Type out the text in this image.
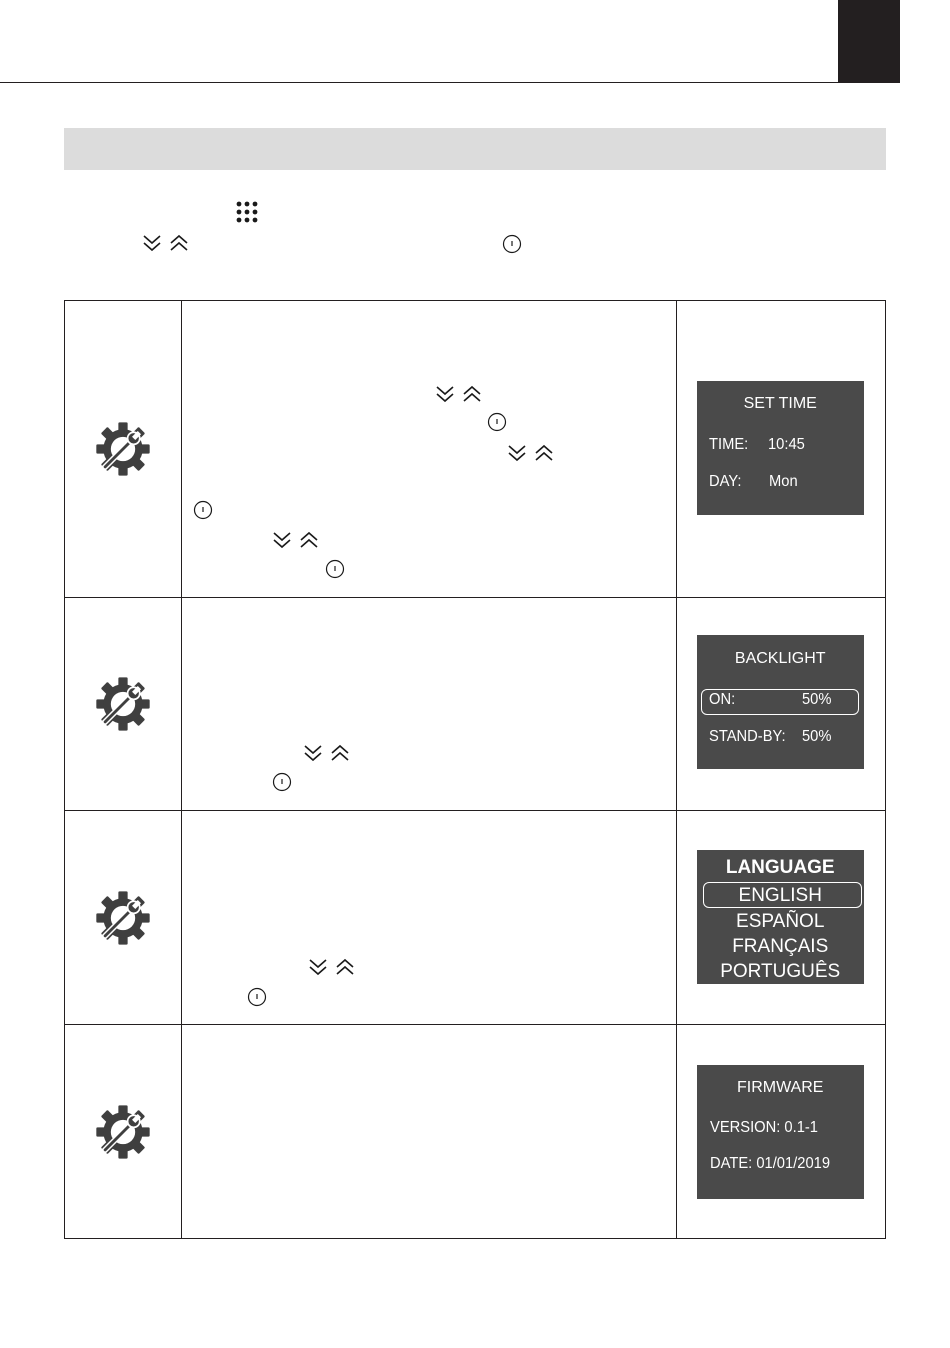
SET TIME
TIME: 10:45
DAY: Mon

BACKLIGHT
ON: 50%
STAND-BY: 50%

LANGUAGE
ENGLISH
ESPAÑOL
FRANÇAIS
PORTUGUÊS

FIRMWARE
VERSION: 0.1-1
DATE: 01/01/2019
